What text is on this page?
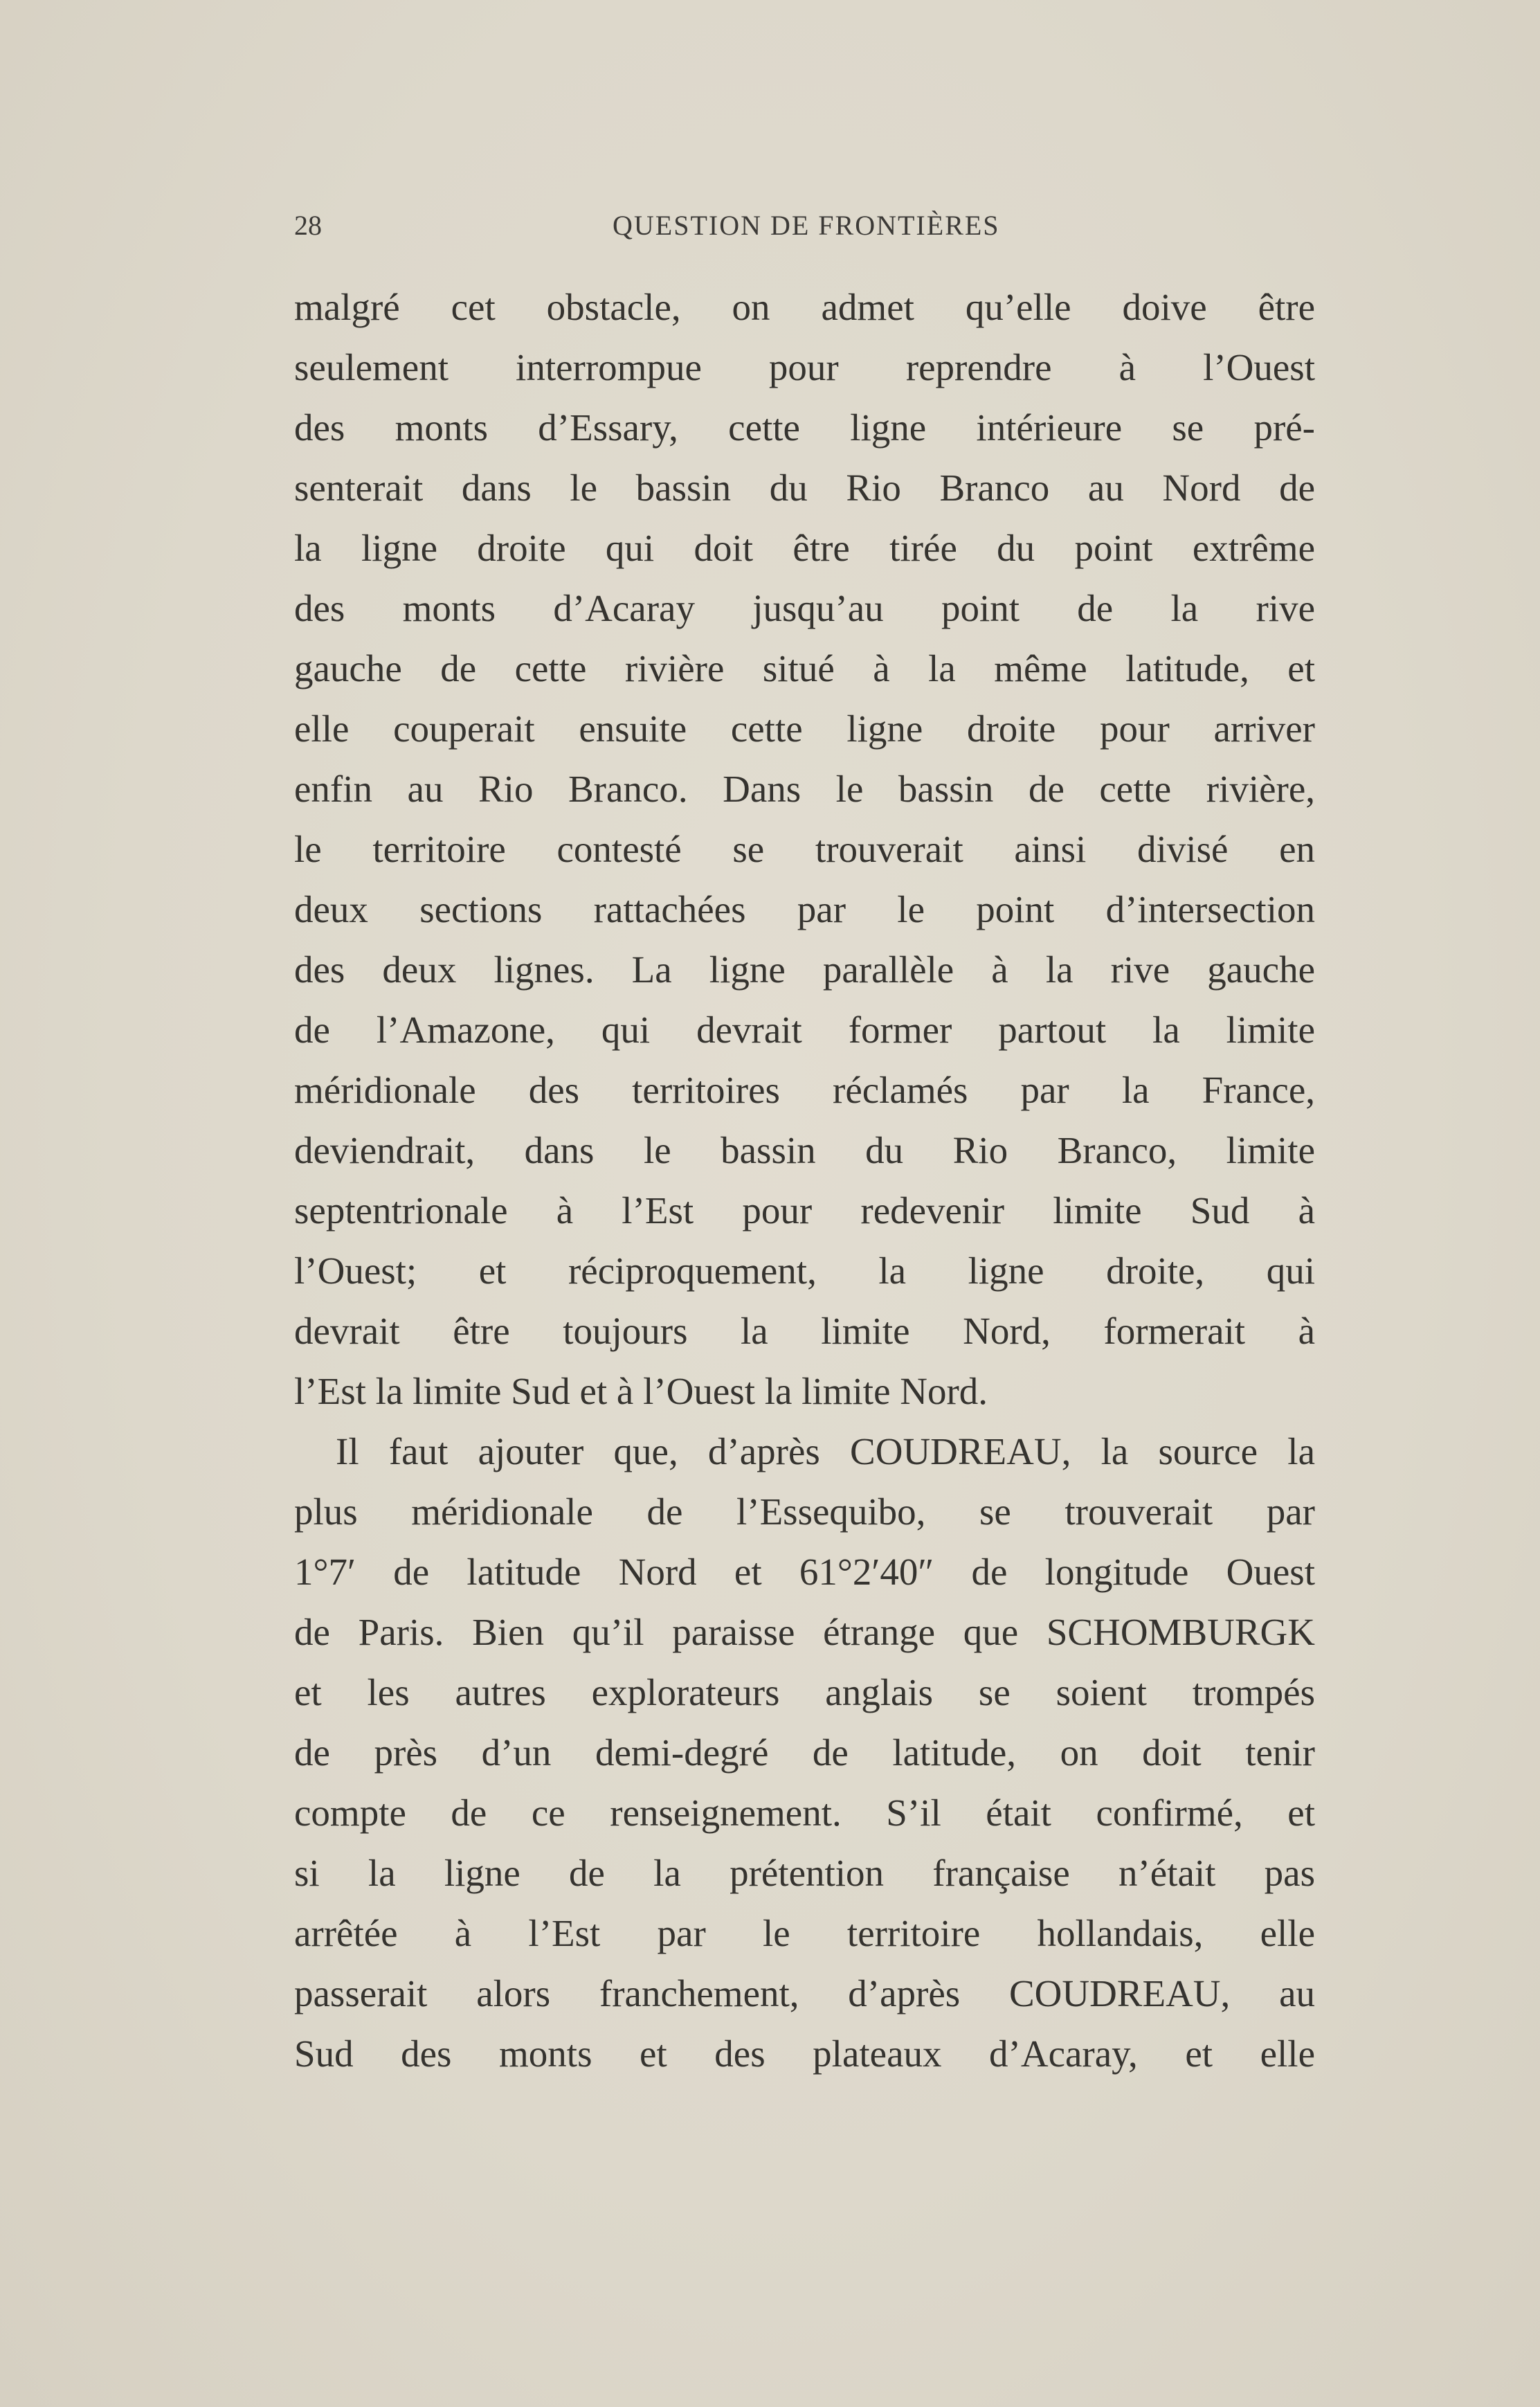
28	QUESTION DE FRONTIÈRES
malgré cet obstacle, on admet qu’elle doive être
seulement interrompue pour reprendre à l’Ouest
des monts d’Essary, cette ligne intérieure se pré-
senterait dans le bassin du Rio Branco au Nord de
la ligne droite qui doit être tirée du point extrême
des monts d’Acaray jusqu’au point de la rive
gauche de cette rivière situé à la même latitude, et
elle couperait ensuite cette ligne droite pour arriver
enfin au Rio Branco. Dans le bassin de cette rivière,
le territoire contesté se trouverait ainsi divisé en
deux sections rattachées par le point d’intersection
des deux lignes. La ligne parallèle à la rive gauche
de l’Amazone, qui devrait former partout la limite
méridionale des territoires réclamés par la France,
deviendrait, dans le bassin du Rio Branco, limite
septentrionale à l’Est pour redevenir limite Sud à
l’Ouest; et réciproquement, la ligne droite, qui
devrait être toujours la limite Nord, formerait à
l’Est la limite Sud et à l’Ouest la limite Nord.
Il faut ajouter que, d’après COUDREAU, la source la
plus méridionale de l’Essequibo, se trouverait par
1°7′ de latitude Nord et 61°2′40″ de longitude Ouest
de Paris. Bien qu’il paraisse étrange que SCHOMBURGK
et les autres explorateurs anglais se soient trompés
de près d’un demi-degré de latitude, on doit tenir
compte de ce renseignement. S’il était confirmé, et
si la ligne de la prétention française n’était pas
arrêtée à l’Est par le territoire hollandais, elle
passerait alors franchement, d’après COUDREAU, au
Sud des monts et des plateaux d’Acaray, et elle
